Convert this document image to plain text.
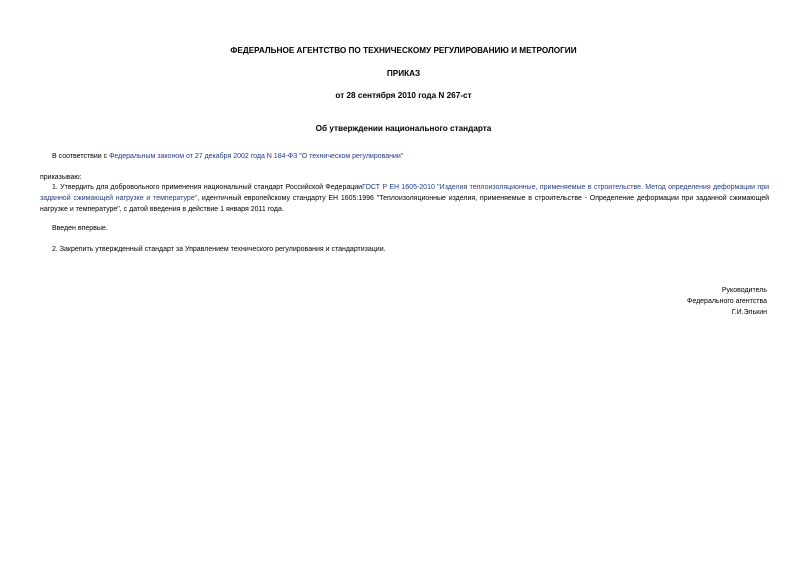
ФЕДЕРАЛЬНОЕ АГЕНТСТВО ПО ТЕХНИЧЕСКОМУ РЕГУЛИРОВАНИЮ И МЕТРОЛОГИИ
ПРИКАЗ
от 28 сентября 2010 года N 267-ст
Об утверждении национального стандарта
В соответствии с Федеральным законом от 27 декабря 2002 года N 184-ФЗ "О техническом регулировании"
приказываю:
1. Утвердить для добровольного применения национальный стандарт Российской ФедерацииГОСТ Р ЕН 1605-2010 "Изделия теплоизоляционные, применяемые в строительстве. Метод определения деформации при заданной сжимающей нагрузке и температуре", идентичный европейскому стандарту ЕН 1605:1996 "Теплоизоляционные изделия, применяемые в строительстве - Определение деформации при заданной сжимающей нагрузке и температуре", с датой введения в действие 1 января 2011 года.
Введен впервые.
2. Закрепить утвержденный стандарт за Управлением технического регулирования и стандартизации.
Руководитель
Федерального агентства
Г.И.Элькин
